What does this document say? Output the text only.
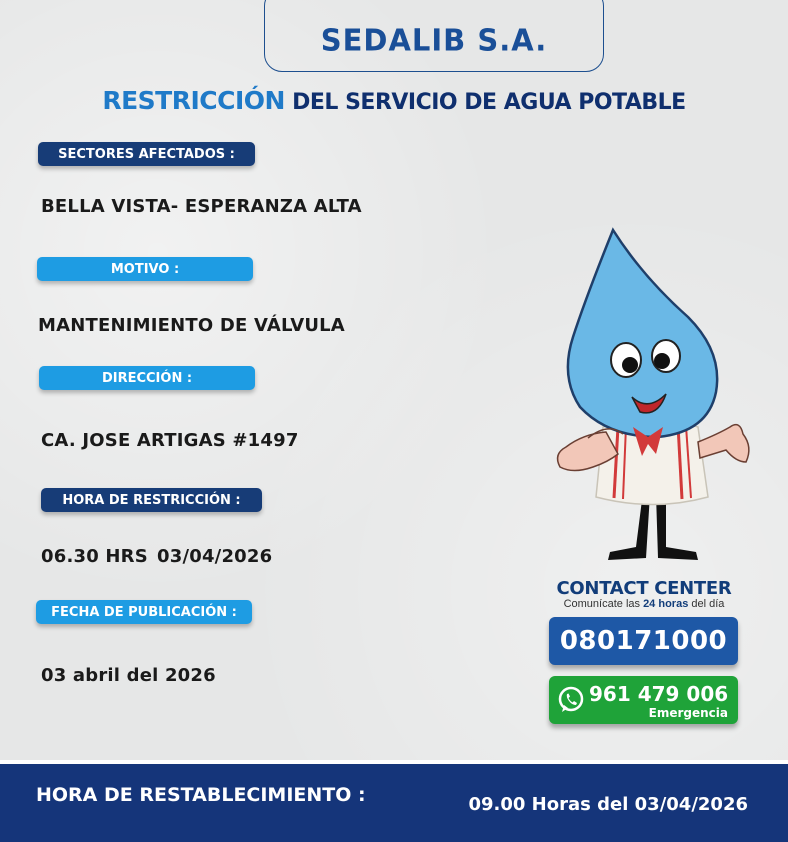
SEDALIB S.A.
RESTRICCIÓN DEL SERVICIO DE AGUA POTABLE
SECTORES AFECTADOS :
BELLA VISTA- ESPERANZA ALTA
MOTIVO :
MANTENIMIENTO DE VÁLVULA
DIRECCIÓN :
CA. JOSE ARTIGAS #1497
HORA DE RESTRICCIÓN :
06.30 HRS 03/04/2026
FECHA DE PUBLICACIÓN :
03 abril del 2026
CONTACT CENTER
Comunícate las 24 horas del día
080171000
961 479 006
Emergencia
HORA DE RESTABLECIMIENTO :	09.00 Horas del 03/04/2026
